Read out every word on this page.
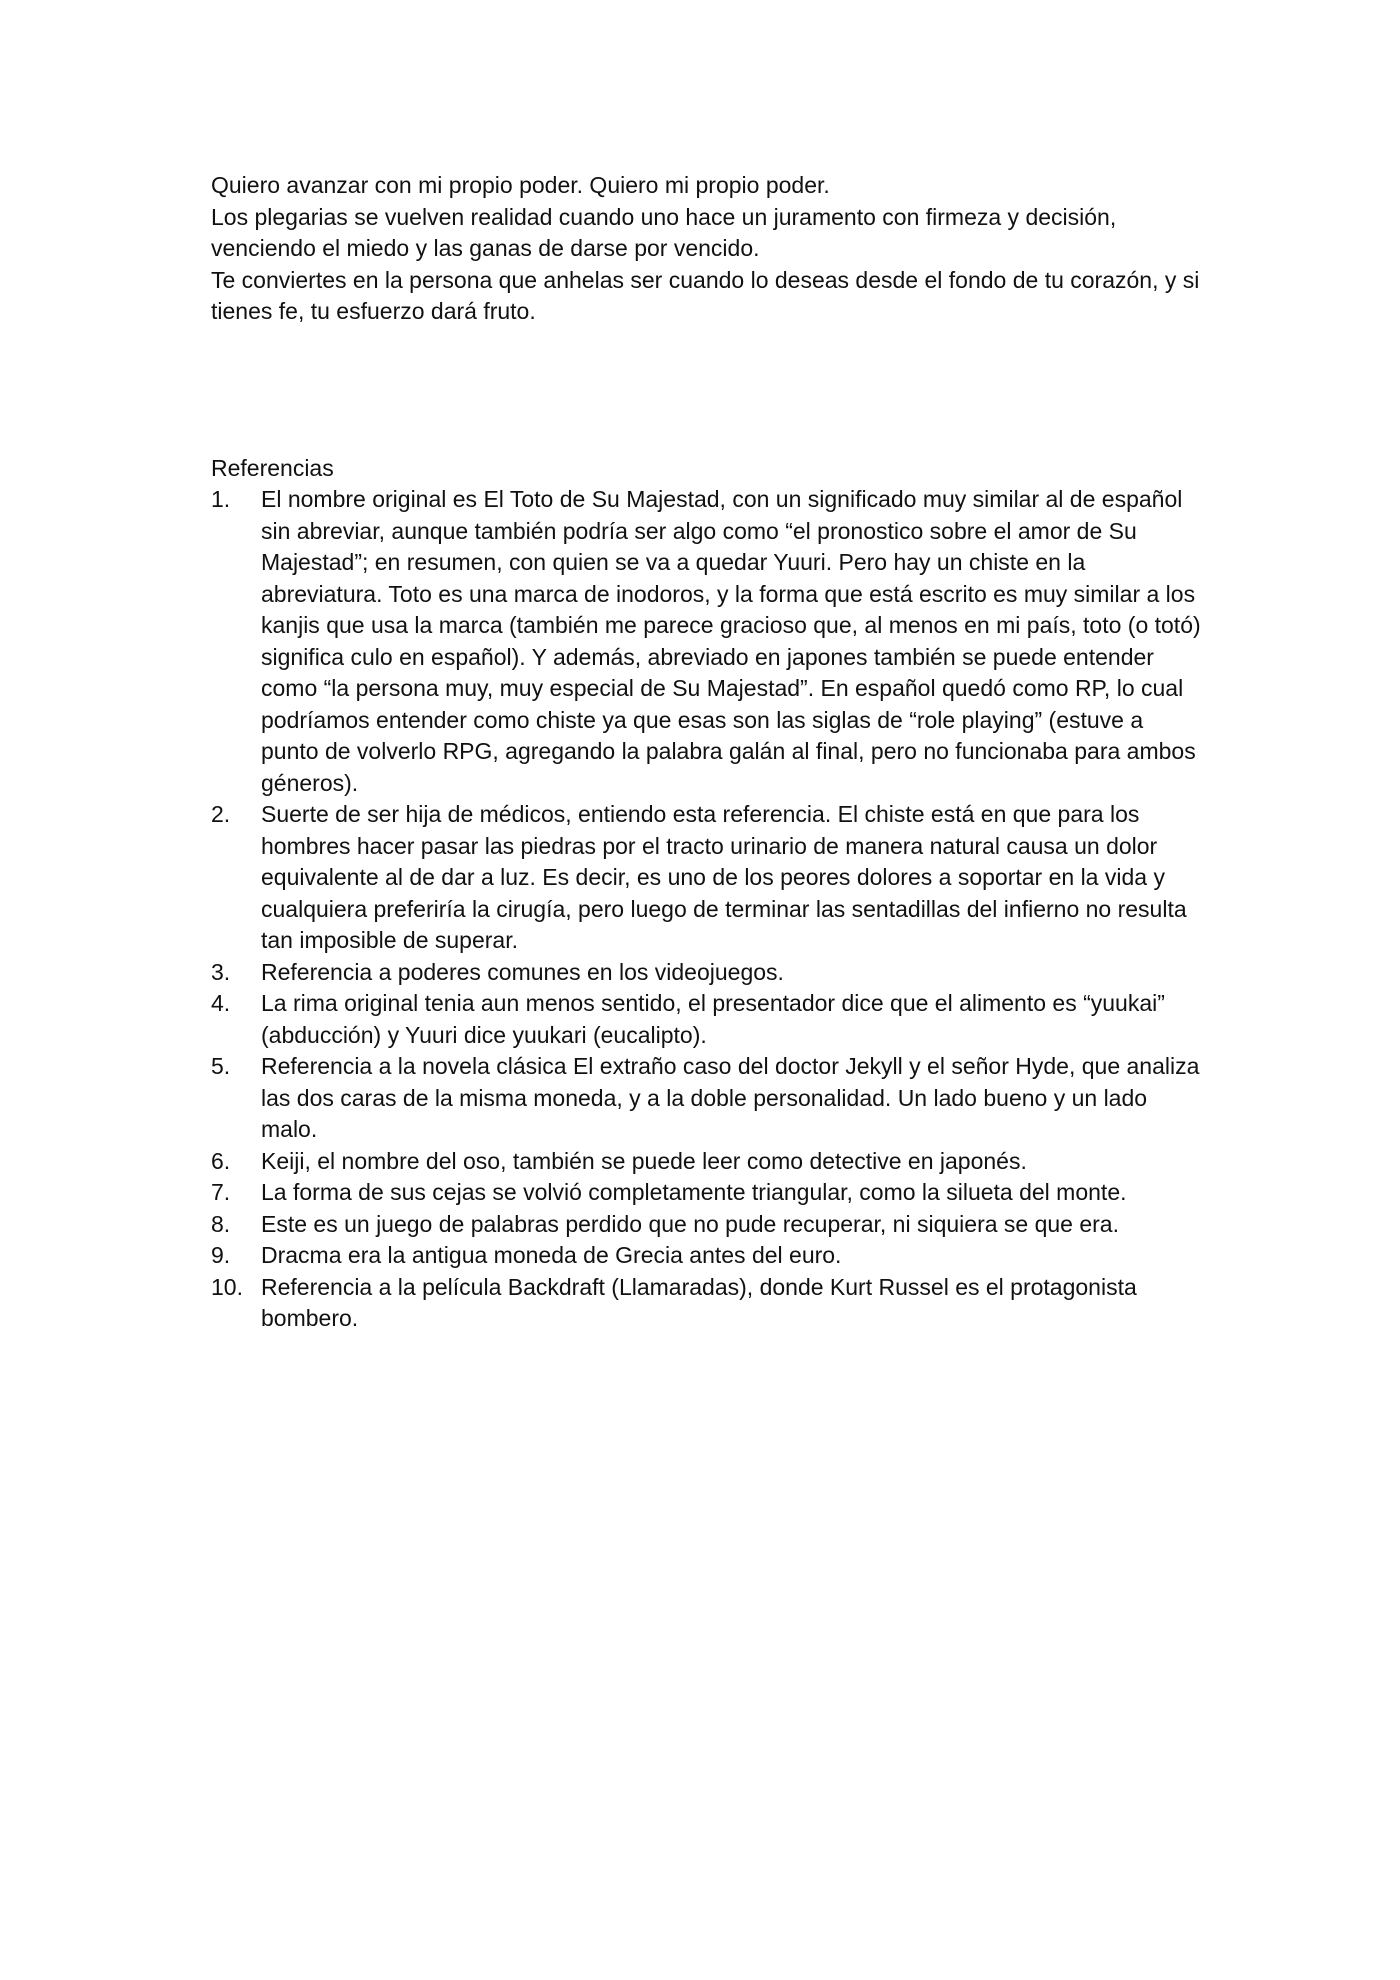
Quiero avanzar con mi propio poder. Quiero mi propio poder.

Los plegarias se vuelven realidad cuando uno hace un juramento con firmeza y decisión, venciendo el miedo y las ganas de darse por vencido.

Te conviertes en la persona que anhelas ser cuando lo deseas desde el fondo de tu corazón, y si tienes fe, tu esfuerzo dará fruto.

Referencias

1.	El nombre original es El Toto de Su Majestad, con un significado muy similar al de español sin abreviar, aunque también podría ser algo como “el pronostico sobre el amor de Su Majestad”; en resumen, con quien se va a quedar Yuuri. Pero hay un chiste en la abreviatura. Toto es una marca de inodoros, y la forma que está escrito es muy similar a los kanjis que usa la marca (también me parece gracioso que, al menos en mi país, toto (o totó) significa culo en español). Y además, abreviado en japones también se puede entender como “la persona muy, muy especial de Su Majestad”. En español quedó como RP, lo cual podríamos entender como chiste ya que esas son las siglas de “role playing” (estuve a punto de volverlo RPG, agregando la palabra galán al final, pero no funcionaba para ambos géneros).
2.	Suerte de ser hija de médicos, entiendo esta referencia. El chiste está en que para los hombres hacer pasar las piedras por el tracto urinario de manera natural causa un dolor equivalente al de dar a luz. Es decir, es uno de los peores dolores a soportar en la vida y cualquiera preferiría la cirugía, pero luego de terminar las sentadillas del infierno no resulta tan imposible de superar.
3.	Referencia a poderes comunes en los videojuegos.
4.	La rima original tenia aun menos sentido, el presentador dice que el alimento es “yuukai” (abducción) y Yuuri dice yuukari (eucalipto).
5.	Referencia a la novela clásica El extraño caso del doctor Jekyll y el señor Hyde, que analiza las dos caras de la misma moneda, y a la doble personalidad. Un lado bueno y un lado malo.
6.	Keiji, el nombre del oso, también se puede leer como detective en japonés.
7.	La forma de sus cejas se volvió completamente triangular, como la silueta del monte.
8.	Este es un juego de palabras perdido que no pude recuperar, ni siquiera se que era.
9.	Dracma era la antigua moneda de Grecia antes del euro.
10. Referencia a la película Backdraft (Llamaradas), donde Kurt Russel es el protagonista bombero.
